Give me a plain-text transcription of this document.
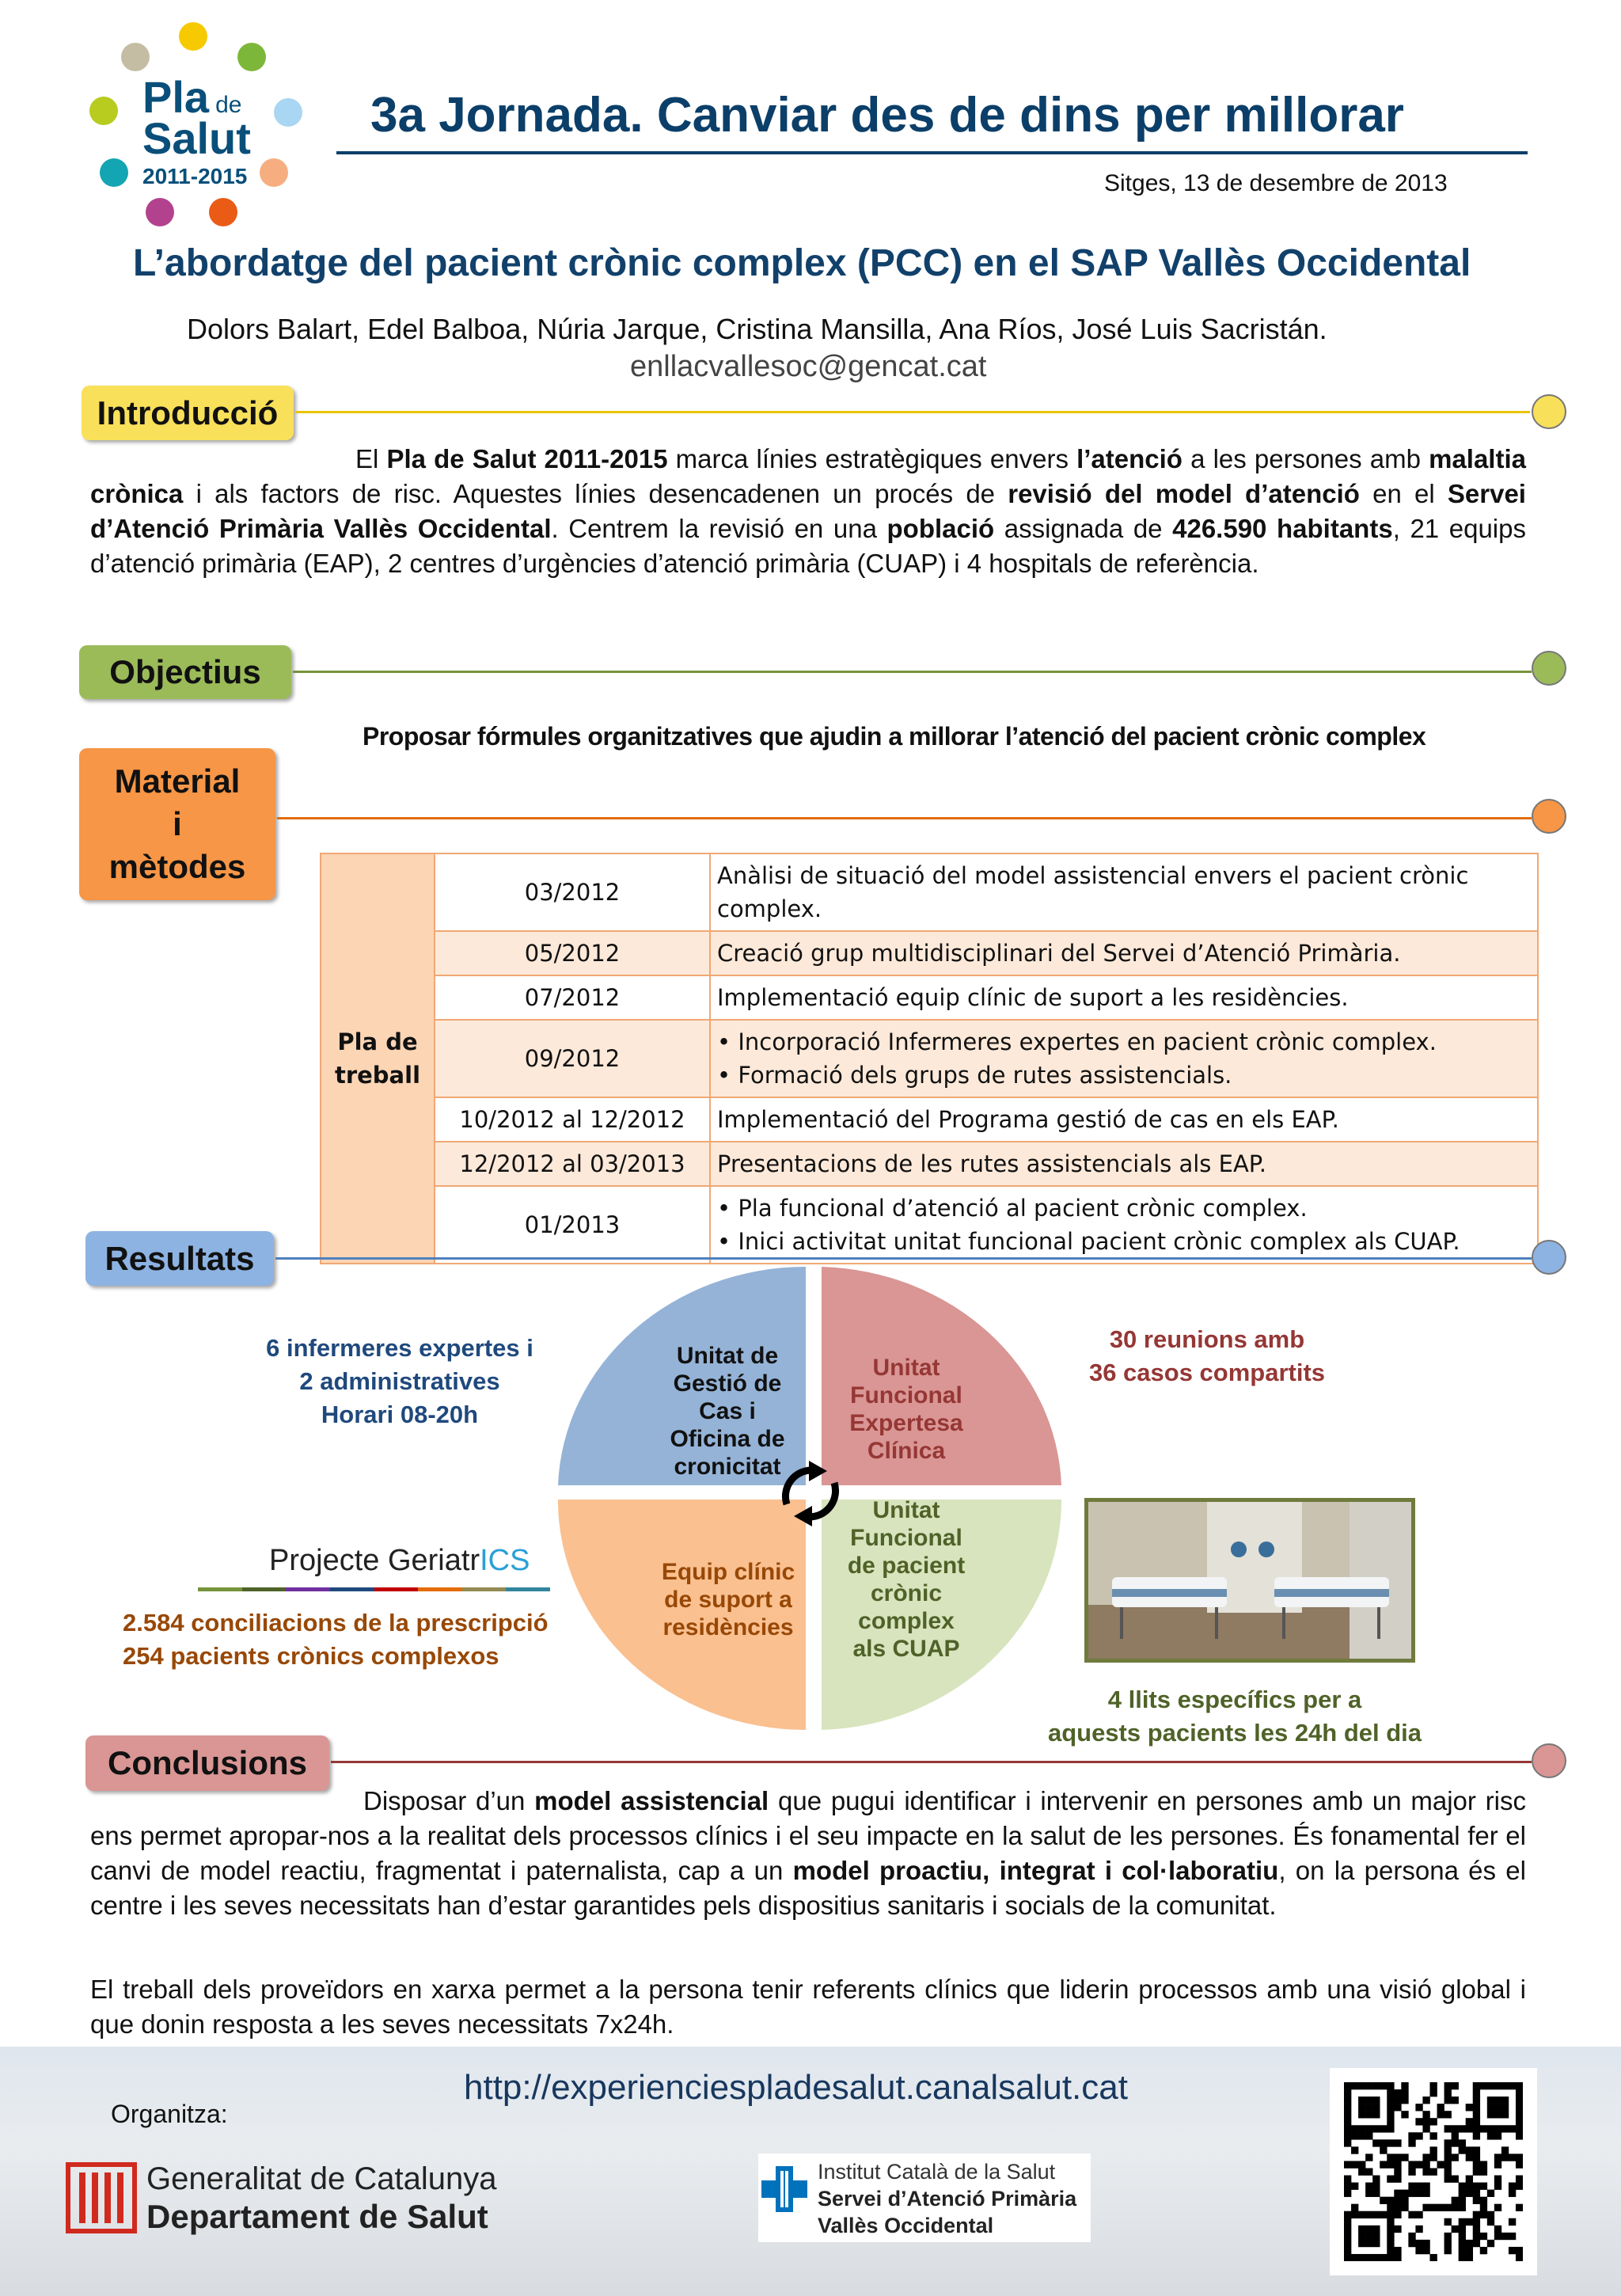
Pla de
Salut
2011-2015
3a Jornada. Canviar des de dins per millorar
Sitges, 13 de desembre de 2013
L’abordatge del pacient crònic complex (PCC) en el SAP Vallès Occidental
Dolors Balart, Edel Balboa, Núria Jarque, Cristina Mansilla, Ana Ríos, José Luis Sacristán.
enllacvallesoc@gencat.cat
Introducció
El Pla de Salut 2011-2015 marca línies estratègiques envers l’atenció a les persones amb malaltia crònica i als factors de risc. Aquestes línies desencadenen un procés de revisió del model d’atenció en el Servei d’Atenció Primària Vallès Occidental. Centrem la revisió en una població assignada de 426.590 habitants, 21 equips d’atenció primària (EAP), 2 centres d’urgències d’atenció primària (CUAP) i 4 hospitals de referència.
Objectius
Proposar fórmules organitzatives que ajudin a millorar l’atenció del pacient crònic complex
Material
i
mètodes
Pla de
treball	03/2012	Anàlisi de situació del model assistencial envers el pacient crònic complex.
	05/2012	Creació grup multidisciplinari del Servei d’Atenció Primària.
	07/2012	Implementació equip clínic de suport a les residències.
	09/2012	• Incorporació Infermeres expertes en pacient crònic complex.
• Formació dels grups de rutes assistencials.
	10/2012 al 12/2012	Implementació del Programa gestió de cas en els EAP.
	12/2012 al 03/2013	Presentacions de les rutes assistencials als EAP.
	01/2013	• Pla funcional d’atenció al pacient crònic complex.
• Inici activitat unitat funcional pacient crònic complex als CUAP.
Resultats
Unitat de
Gestió de
Cas i
Oficina de
cronicitat
Unitat
Funcional
Expertesa
Clínica
Equip clínic
de suport a
residències
Unitat
Funcional
de pacient
crònic
complex
als CUAP
6 infermeres expertes i
2 administratives
Horari 08-20h
30 reunions amb
36 casos compartits
Projecte GeriatrICS
2.584 conciliacions de la prescripció
254 pacients crònics complexos
4 llits específics per a
aquests pacients les 24h del dia
Conclusions
Disposar d’un model assistencial que pugui identificar i intervenir en persones amb un major risc ens permet apropar-nos a la realitat dels processos clínics i el seu impacte en la salut de les persones. És fonamental fer el canvi de model reactiu, fragmentat i paternalista, cap a un model proactiu, integrat i col·laboratiu, on la persona és el centre i les seves necessitats han d’estar garantides pels dispositius sanitaris i socials de la comunitat.
El treball dels proveïdors en xarxa permet a la persona tenir referents clínics que liderin processos amb una visió global i que donin resposta a les seves necessitats 7x24h.
http://experienciespladesalut.canalsalut.cat
Organitza:
Generalitat de Catalunya
Departament de Salut
Institut Català de la Salut
Servei d’Atenció Primària
Vallès Occidental
